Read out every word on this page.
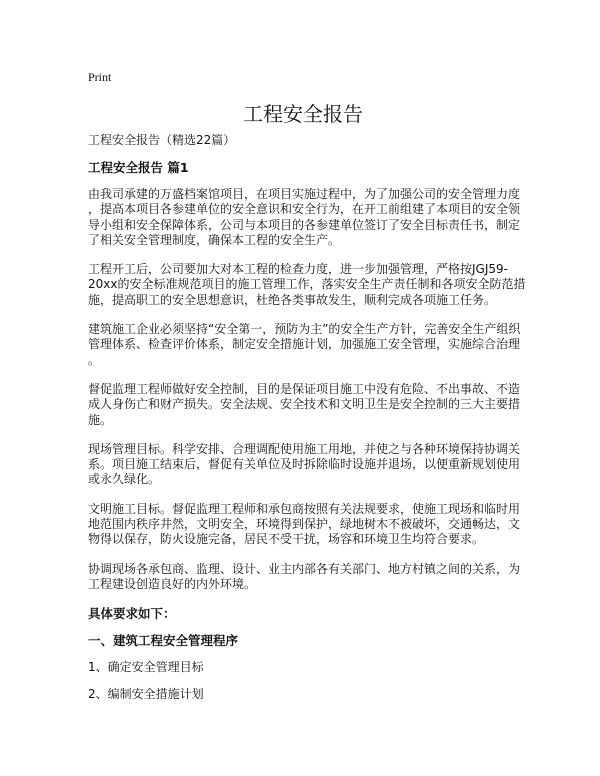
Print
工程安全报告
工程安全报告（精选22篇）
工程安全报告 篇1
由我司承建的万盛档案馆项目，在项目实施过程中，为了加强公司的安全管理力度
，提高本项目各参建单位的安全意识和安全行为，在开工前组建了本项目的安全领
导小组和安全保障体系，公司与本项目的各参建单位签订了安全目标责任书，制定
了相关安全管理制度，确保本工程的安全生产。
工程开工后，公司要加大对本工程的检查力度，进一步加强管理，严格按JGJ59-
20xx的安全标准规范项目的施工管理工作，落实安全生产责任制和各项安全防范措
施，提高职工的安全思想意识，杜绝各类事故发生，顺利完成各项施工任务。
建筑施工企业必须坚持“安全第一，预防为主”的安全生产方针，完善安全生产组织
管理体系、检查评价体系，制定安全措施计划，加强施工安全管理，实施综合治理
。
督促监理工程师做好安全控制，目的是保证项目施工中没有危险、不出事故、不造
成人身伤亡和财产损失。安全法规、安全技术和文明卫生是安全控制的三大主要措
施。
现场管理目标。科学安排、合理调配使用施工用地，并使之与各种环境保持协调关
系。项目施工结束后，督促有关单位及时拆除临时设施并退场，以便重新规划使用
或永久绿化。
文明施工目标。督促监理工程师和承包商按照有关法规要求，使施工现场和临时用
地范围内秩序井然，文明安全，环境得到保护，绿地树木不被破坏，交通畅达，文
物得以保存，防火设施完备，居民不受干扰，场容和环境卫生均符合要求。
协调现场各承包商、监理、设计、业主内部各有关部门、地方村镇之间的关系，为
工程建设创造良好的内外环境。
具体要求如下：
一、建筑工程安全管理程序
1、确定安全管理目标
2、编制安全措施计划
